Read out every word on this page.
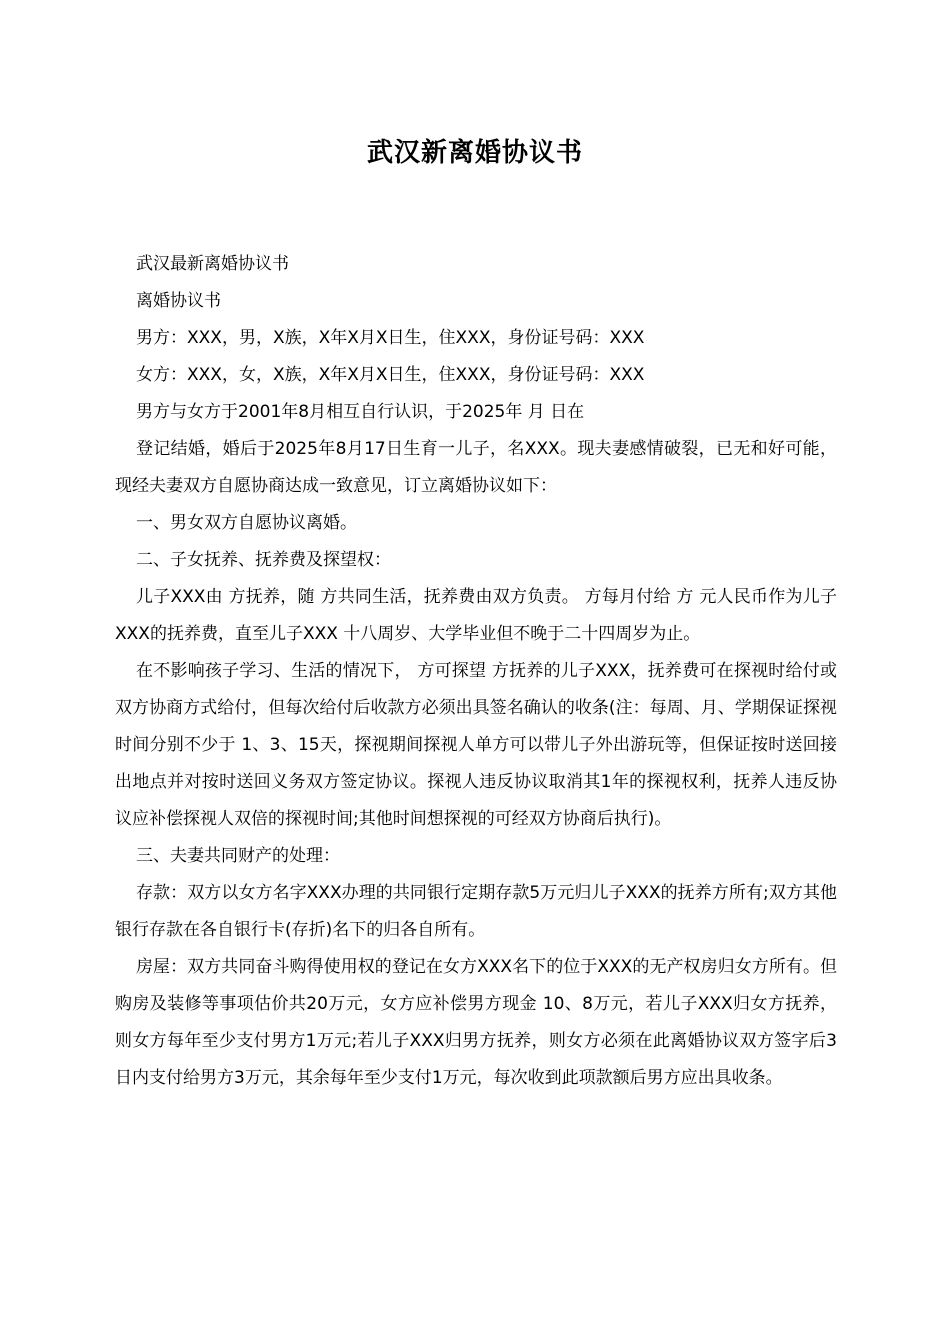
武汉新离婚协议书

武汉最新离婚协议书

离婚协议书

男方：XXX，男，X族，X年X月X日生，住XXX，身份证号码：XXX

女方：XXX，女，X族，X年X月X日生，住XXX，身份证号码：XXX

男方与女方于2001年8月相互自行认识，于2025年 月 日在

登记结婚，婚后于2025年8月17日生育一儿子，名XXX。现夫妻感情破裂，已无和好可能，现经夫妻双方自愿协商达成一致意见，订立离婚协议如下：

一、男女双方自愿协议离婚。

二、子女抚养、抚养费及探望权：

儿子XXX由 方抚养，随 方共同生活，抚养费由双方负责。 方每月付给 方 元人民币作为儿子XXX的抚养费，直至儿子XXX 十八周岁、大学毕业但不晚于二十四周岁为止。

在不影响孩子学习、生活的情况下， 方可探望 方抚养的儿子XXX，抚养费可在探视时给付或双方协商方式给付，但每次给付后收款方必须出具签名确认的收条(注：每周、月、学期保证探视时间分别不少于 1、3、15天，探视期间探视人单方可以带儿子外出游玩等，但保证按时送回接出地点并对按时送回义务双方签定协议。探视人违反协议取消其1年的探视权利，抚养人违反协议应补偿探视人双倍的探视时间;其他时间想探视的可经双方协商后执行)。

三、夫妻共同财产的处理：

存款：双方以女方名字XXX办理的共同银行定期存款5万元归儿子XXX的抚养方所有;双方其他银行存款在各自银行卡(存折)名下的归各自所有。

房屋：双方共同奋斗购得使用权的登记在女方XXX名下的位于XXX的无产权房归女方所有。但购房及装修等事项估价共20万元，女方应补偿男方现金 10、8万元，若儿子XXX归女方抚养，则女方每年至少支付男方1万元;若儿子XXX归男方抚养，则女方必须在此离婚协议双方签字后3日内支付给男方3万元，其余每年至少支付1万元，每次收到此项款额后男方应出具收条。
